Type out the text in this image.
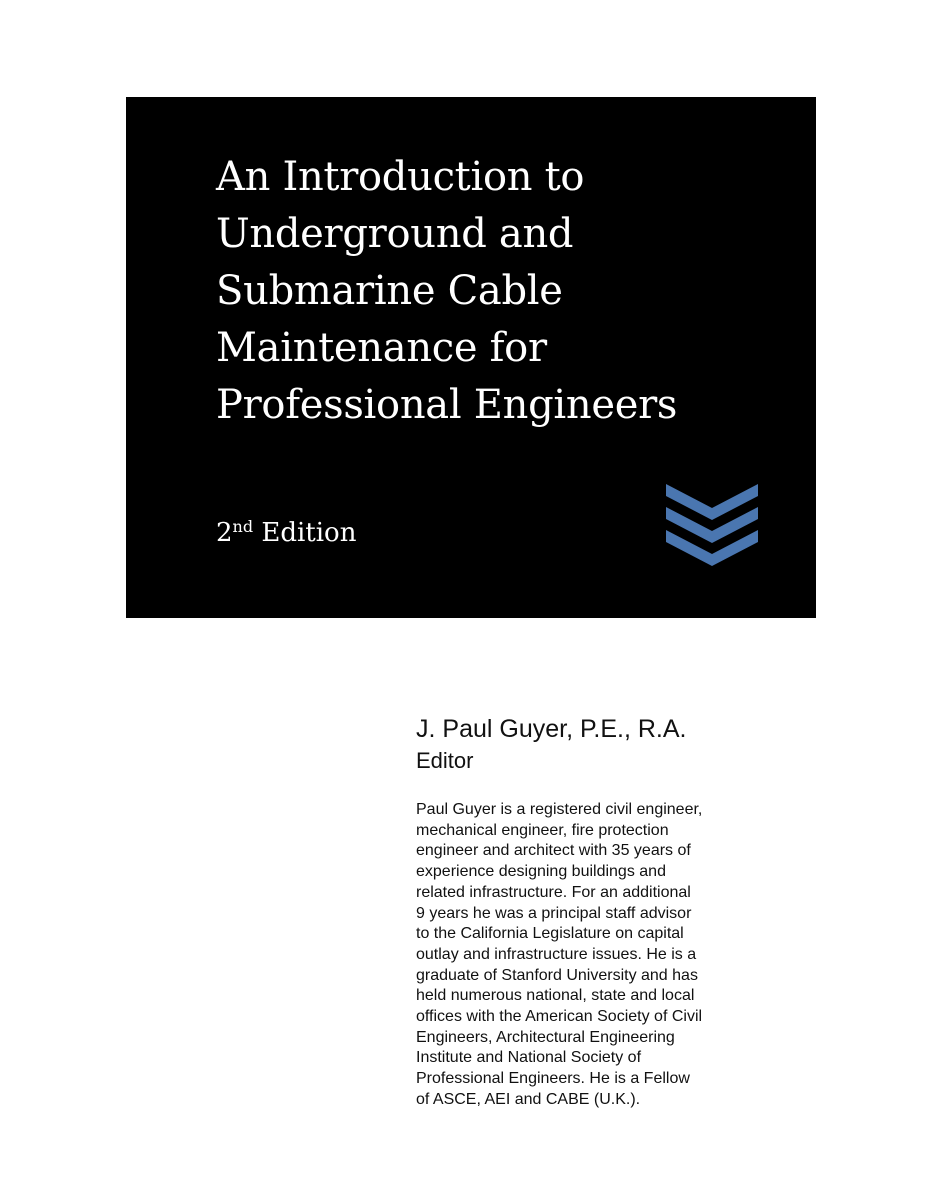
An Introduction to
Underground and
Submarine Cable
Maintenance for
Professional Engineers
2nd Edition
J. Paul Guyer, P.E., R.A.
Editor
Paul Guyer is a registered civil engineer,
mechanical engineer, fire protection
engineer and architect with 35 years of
experience designing buildings and
related infrastructure. For an additional
9 years he was a principal staff advisor
to the California Legislature on capital
outlay and infrastructure issues. He is a
graduate of Stanford University and has
held numerous national, state and local
offices with the American Society of Civil
Engineers, Architectural Engineering
Institute and National Society of
Professional Engineers. He is a Fellow
of ASCE, AEI and CABE (U.K.).
